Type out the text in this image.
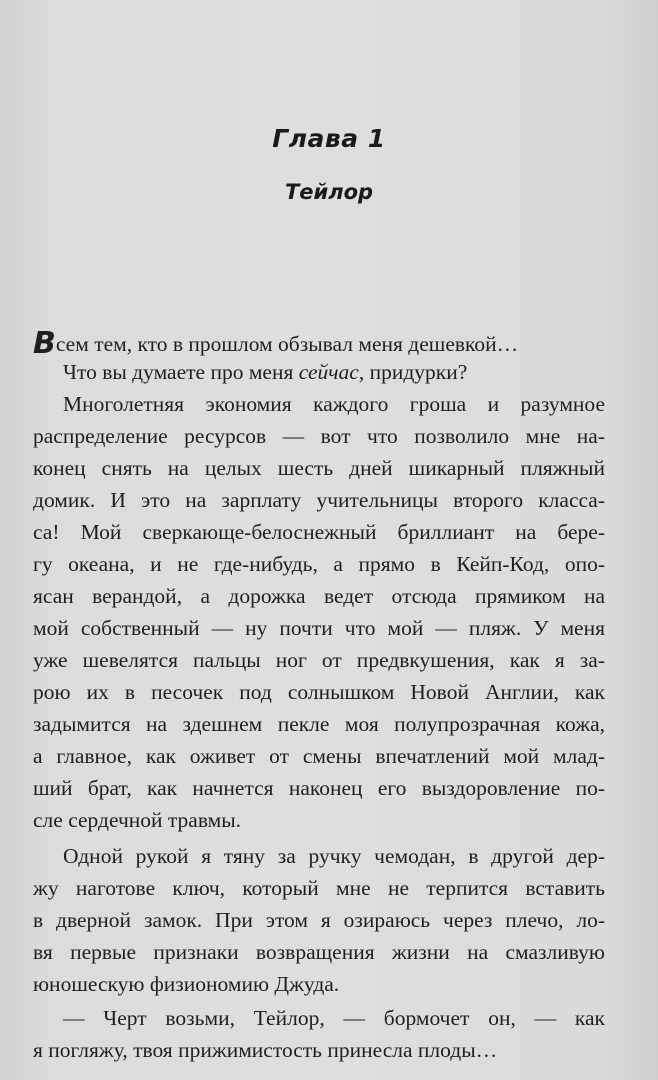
Глава 1
Тейлор
Всем тем, кто в прошлом обзывал меня дешевкой…
Что вы думаете про меня сейчас, придурки?
Многолетняя экономия каждого гроша и разумное
распределение ресурсов — вот что позволило мне на-
конец снять на целых шесть дней шикарный пляжный
домик. И это на зарплату учительницы второго класса-
са! Мой сверкающе-белоснежный бриллиант на бере-
гу океана, и не где-нибудь, а прямо в Кейп-Код, опо-
ясан верандой, а дорожка ведет отсюда прямиком на
мой собственный — ну почти что мой — пляж. У меня
уже шевелятся пальцы ног от предвкушения, как я за-
рою их в песочек под солнышком Новой Англии, как
задымится на здешнем пекле моя полупрозрачная кожа,
а главное, как оживет от смены впечатлений мой млад-
ший брат, как начнется наконец его выздоровление по-
сле сердечной травмы.
Одной рукой я тяну за ручку чемодан, в другой дер-
жу наготове ключ, который мне не терпится вставить
в дверной замок. При этом я озираюсь через плечо, ло-
вя первые признаки возвращения жизни на смазливую
юношескую физиономию Джуда.
— Черт возьми, Тейлор, — бормочет он, — как
я погляжу, твоя прижимистость принесла плоды…
